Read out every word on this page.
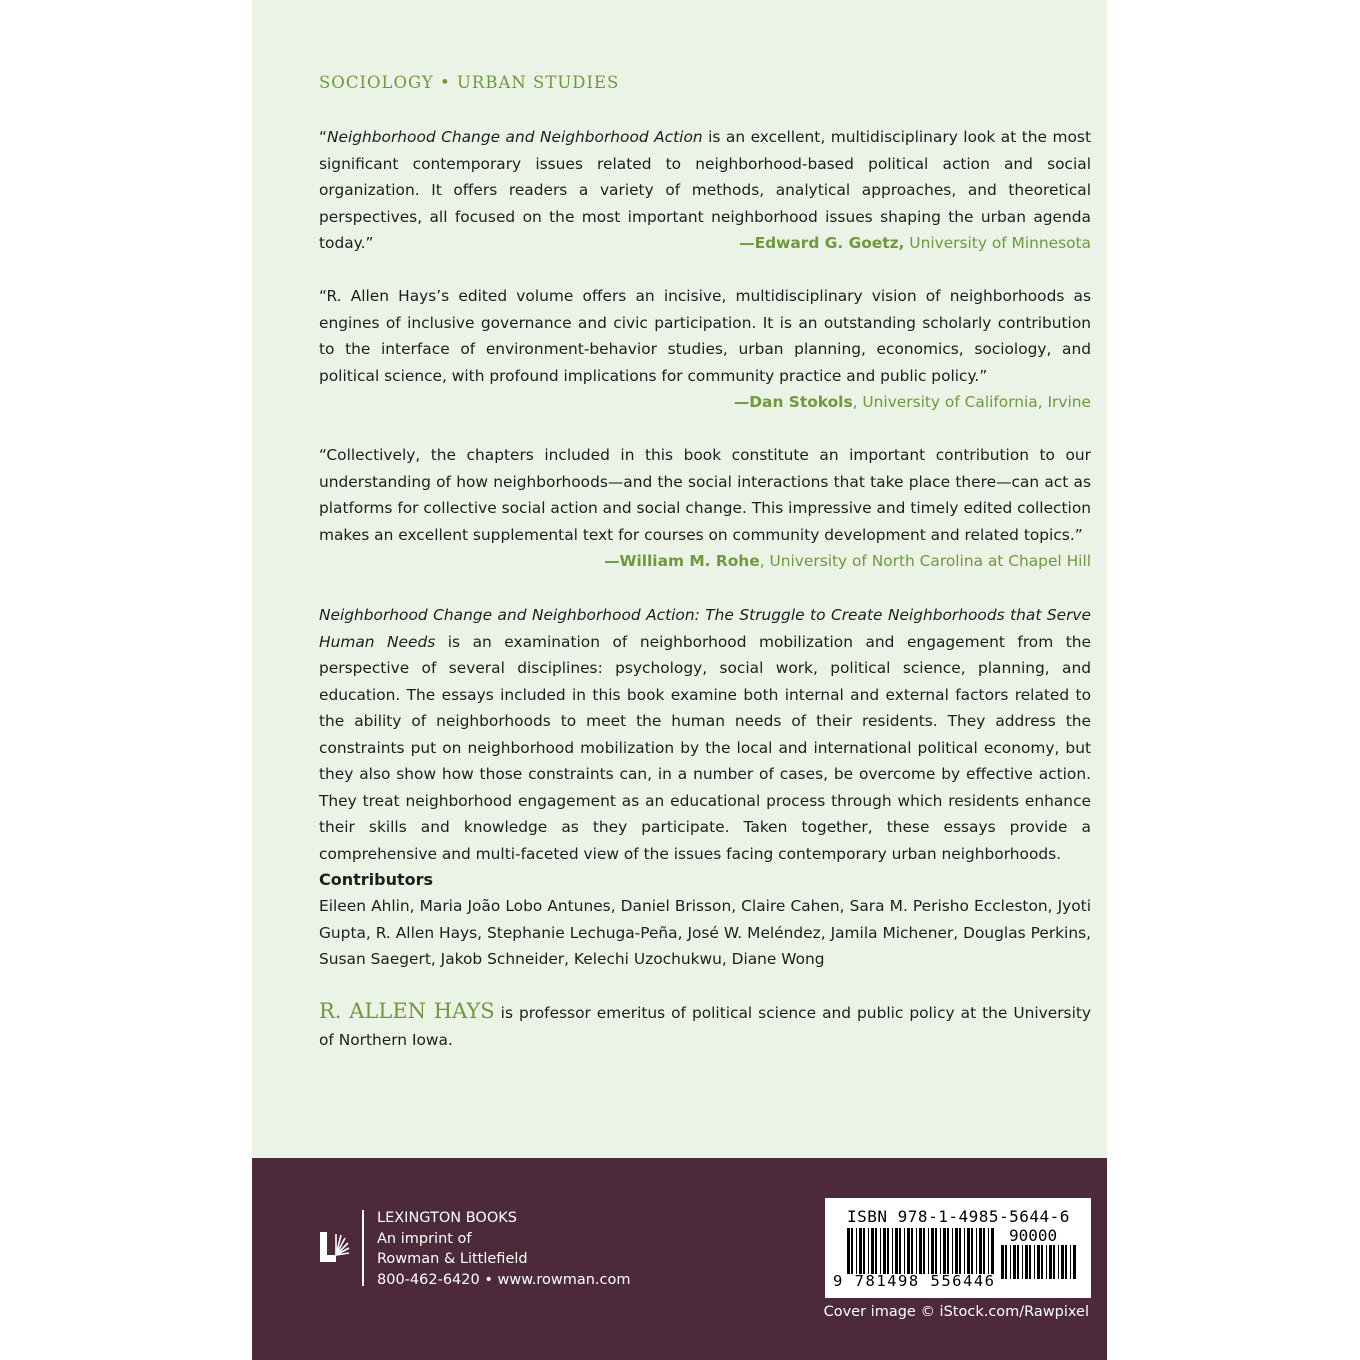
SOCIOLOGY • URBAN STUDIES

“Neighborhood Change and Neighborhood Action is an excellent, multidisciplinary look at the most significant contemporary issues related to neighborhood-based political action and social organization. It offers readers a variety of methods, analytical approaches, and theoretical perspectives, all focused on the most important neighborhood issues shaping the urban agenda today.”	—Edward G. Goetz, University of Minnesota

“R. Allen Hays’s edited volume offers an incisive, multidisciplinary vision of neighborhoods as engines of inclusive governance and civic participation. It is an outstanding scholarly contribution to the interface of environment-behavior studies, urban planning, economics, sociology, and political science, with profound implications for community practice and public policy.”

—Dan Stokols, University of California, Irvine

“Collectively, the chapters included in this book constitute an important contribution to our understanding of how neighborhoods—and the social interactions that take place there—can act as platforms for collective social action and social change. This impressive and timely edited collection makes an excellent supplemental text for courses on community development and related topics.”

—William M. Rohe, University of North Carolina at Chapel Hill

Neighborhood Change and Neighborhood Action: The Struggle to Create Neighborhoods that Serve Human Needs is an examination of neighborhood mobilization and engagement from the perspective of several disciplines: psychology, social work, political science, planning, and education. The essays included in this book examine both internal and external factors related to the ability of neighborhoods to meet the human needs of their residents. They address the constraints put on neighborhood mobilization by the local and international political economy, but they also show how those constraints can, in a number of cases, be overcome by effective action. They treat neighborhood engagement as an educational process through which residents enhance their skills and knowledge as they participate. Taken together, these essays provide a comprehensive and multi-faceted view of the issues facing contemporary urban neighborhoods.

Contributors

Eileen Ahlin, Maria João Lobo Antunes, Daniel Brisson, Claire Cahen, Sara M. Perisho Eccleston, Jyoti Gupta, R. Allen Hays, Stephanie Lechuga-Peña, José W. Meléndez, Jamila Michener, Douglas Perkins, Susan Saegert, Jakob Schneider, Kelechi Uzochukwu, Diane Wong

R. ALLEN HAYS is professor emeritus of political science and public policy at the University of Northern Iowa.

LEXINGTON BOOKS
An imprint of
Rowman & Littlefield
800-462-6420 • www.rowman.com
ISBN 978-1-4985-5644-6
90000
9 781498 556446
Cover image © iStock.com/Rawpixel
